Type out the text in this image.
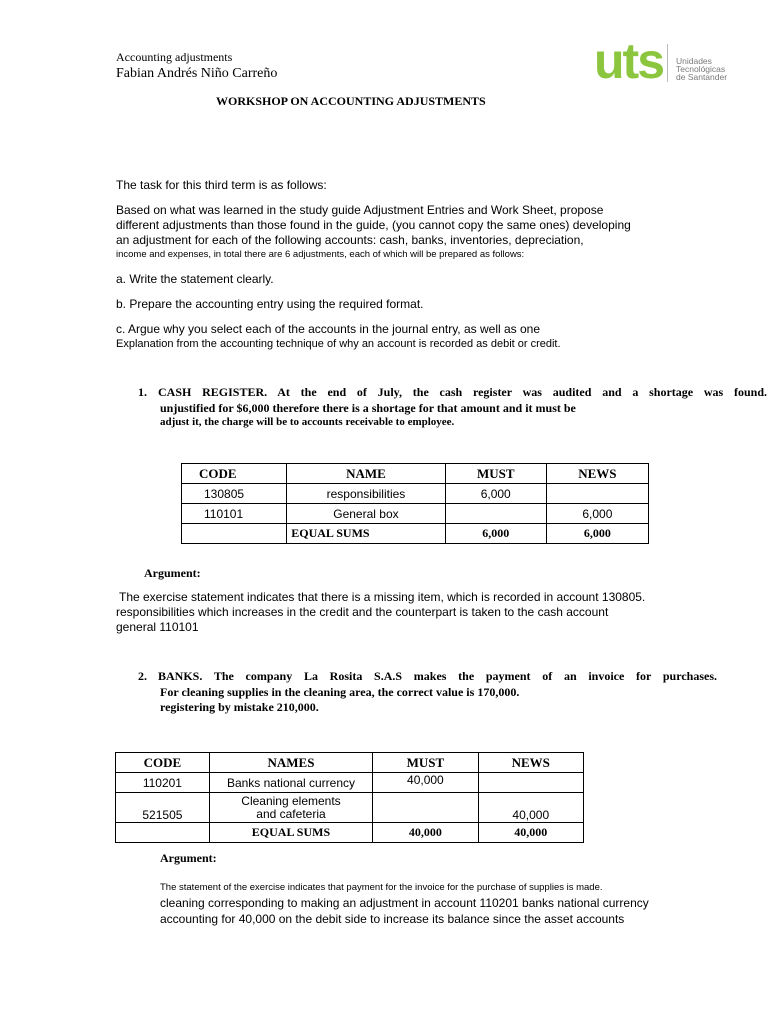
Accounting adjustments
Fabian Andrés Niño Carreño	uts Unidades
Tecnológicas
de Santander
WORKSHOP ON ACCOUNTING ADJUSTMENTS
The task for this third term is as follows:
Based on what was learned in the study guide Adjustment Entries and Work Sheet, propose
different adjustments than those found in the guide, (you cannot copy the same ones) developing
an adjustment for each of the following accounts: cash, banks, inventories, depreciation,
income and expenses, in total there are 6 adjustments, each of which will be prepared as follows:
a. Write the statement clearly.
b. Prepare the accounting entry using the required format.
c. Argue why you select each of the accounts in the journal entry, as well as one
Explanation from the accounting technique of why an account is recorded as debit or credit.
1. CASH REGISTER. At the end of July, the cash register was audited and a shortage was found.
unjustified for $6,000 therefore there is a shortage for that amount and it must be
adjust it, the charge will be to accounts receivable to employee.
CODE	NAME	MUST	NEWS
130805	responsibilities	6,000	
110101	General box		6,000
	EQUAL SUMS	6,000	6,000
Argument:
The exercise statement indicates that there is a missing item, which is recorded in account 130805.
responsibilities which increases in the credit and the counterpart is taken to the cash account
general 110101
2. BANKS. The company La Rosita S.A.S makes the payment of an invoice for purchases.
For cleaning supplies in the cleaning area, the correct value is 170,000.
registering by mistake 210,000.
CODE	NAMES	MUST	NEWS
110201	Banks national currency	40,000	
521505	Cleaning elements and cafeteria		40,000
	EQUAL SUMS	40,000	40,000
Argument:
The statement of the exercise indicates that payment for the invoice for the purchase of supplies is made.
cleaning corresponding to making an adjustment in account 110201 banks national currency
accounting for 40,000 on the debit side to increase its balance since the asset accounts
